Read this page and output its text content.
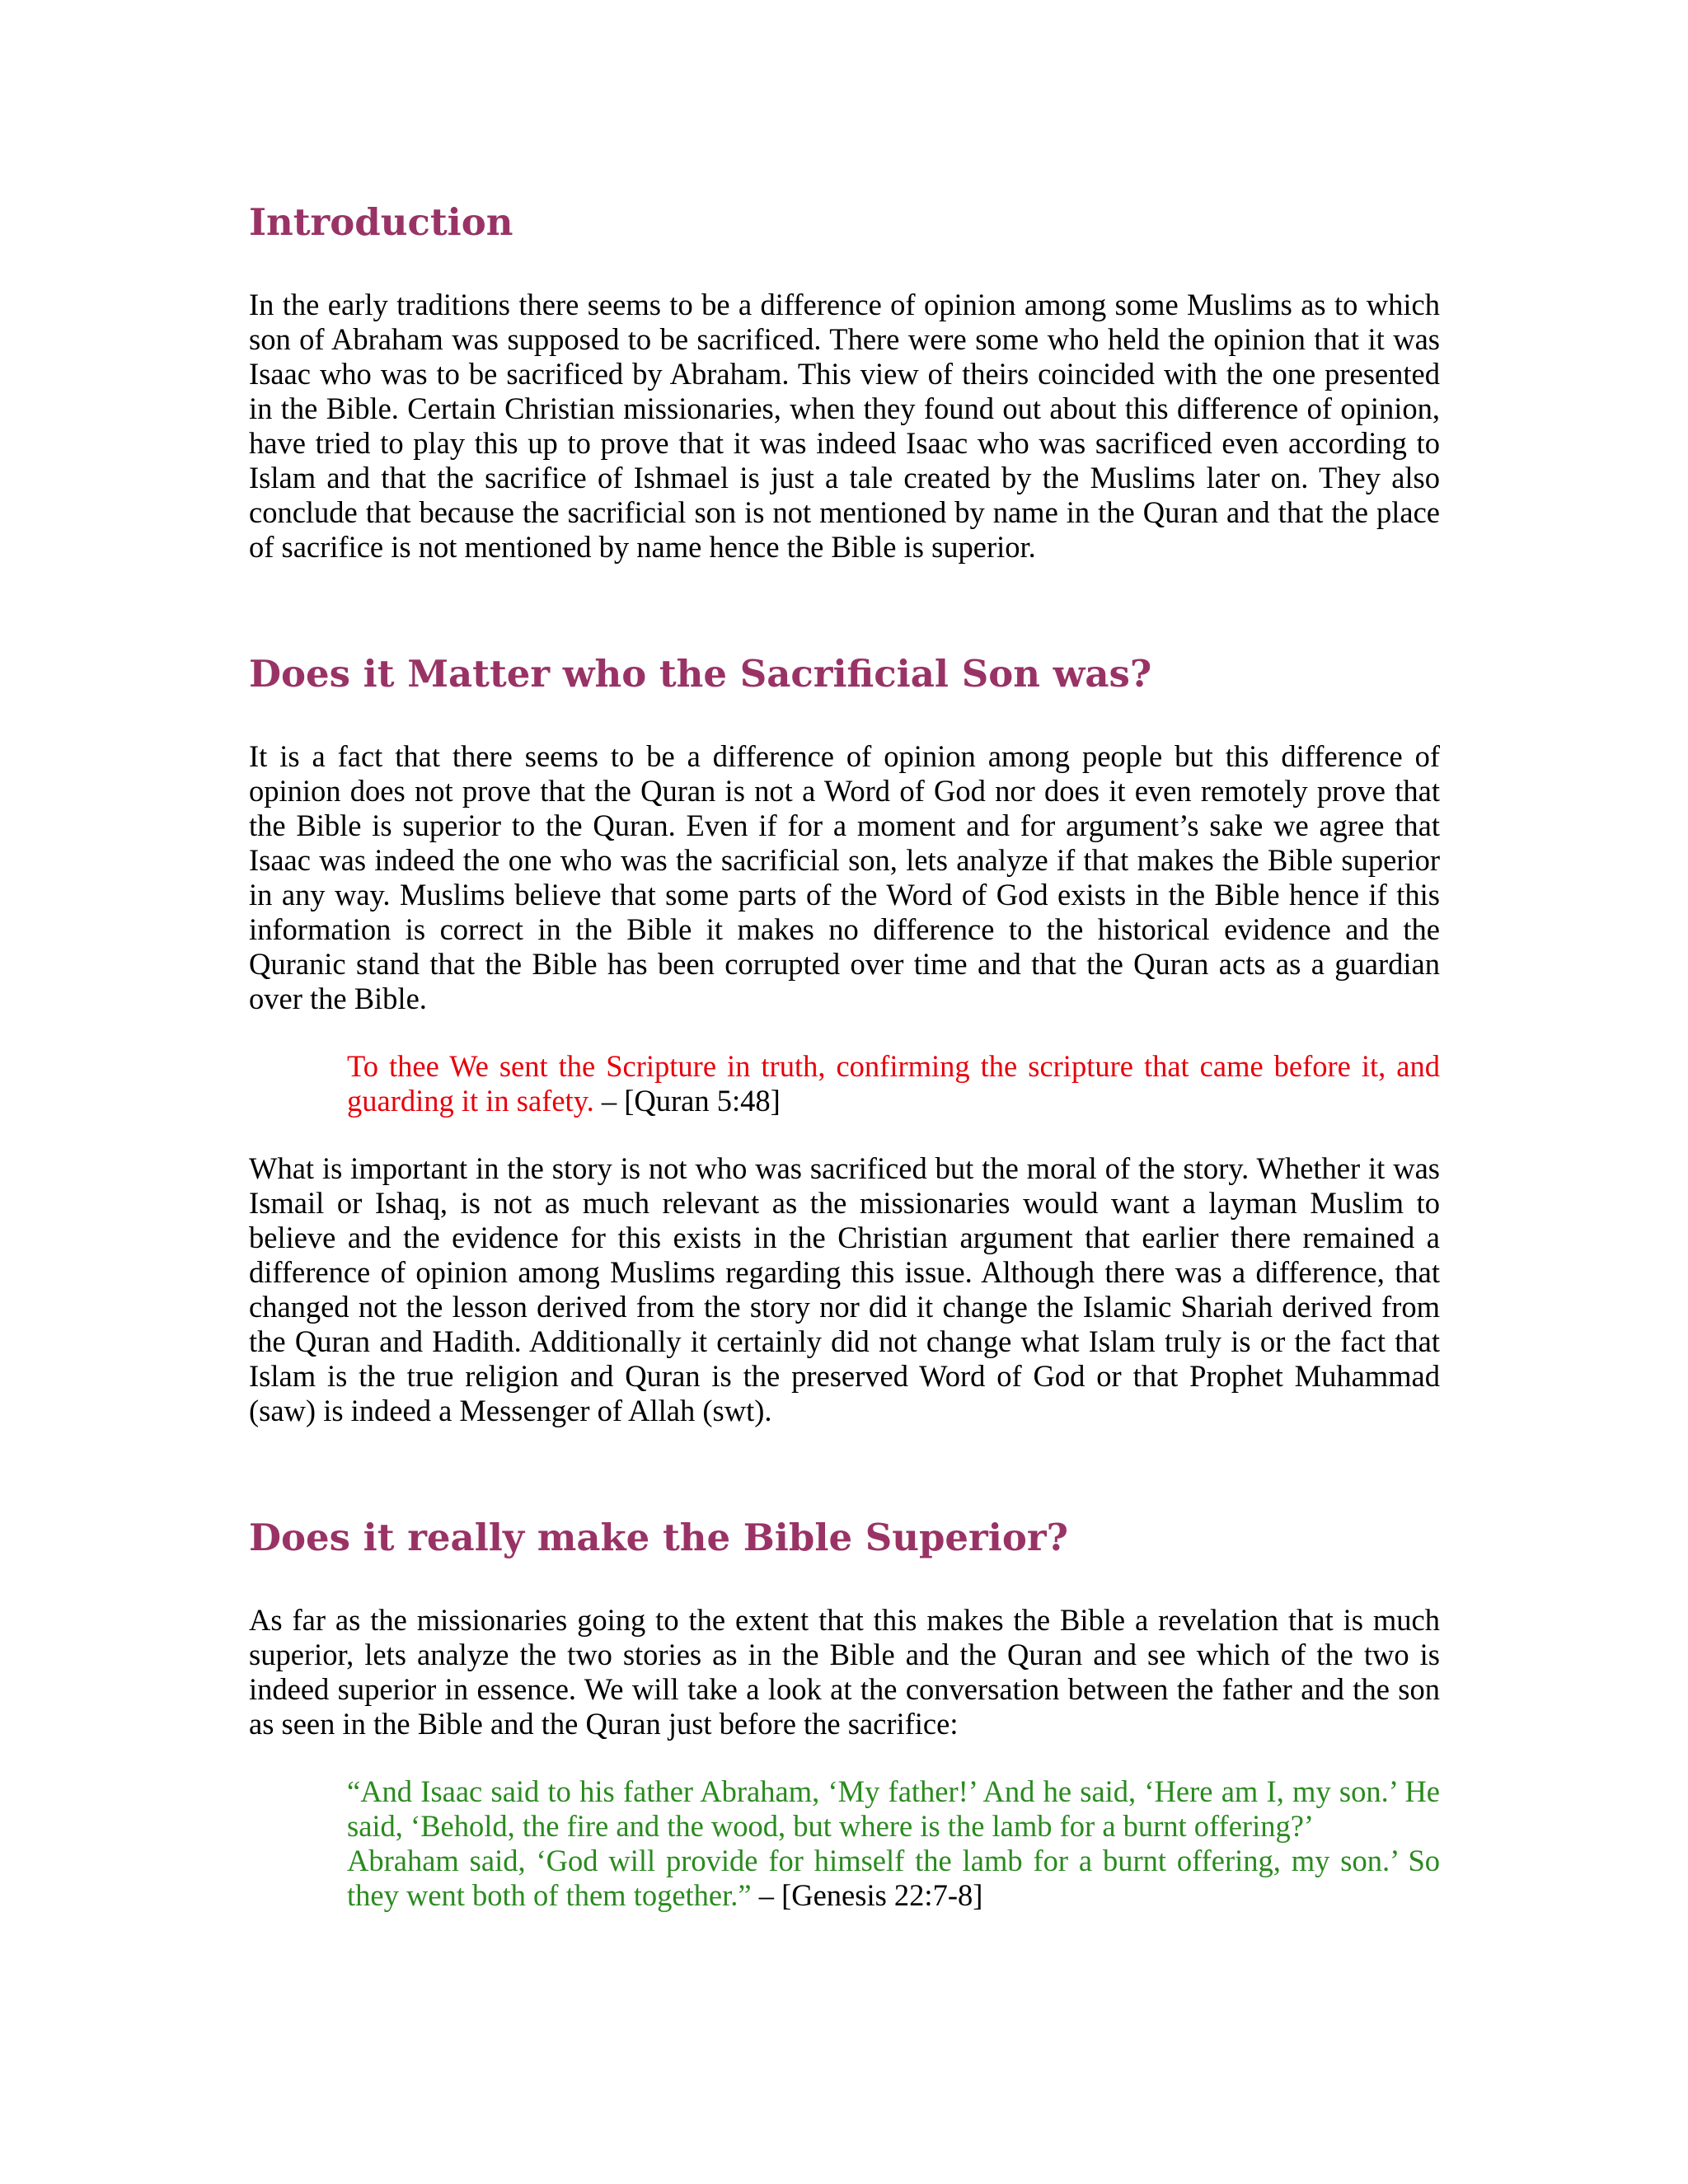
Introduction

In the early traditions there seems to be a difference of opinion among some Muslims as to which son of Abraham was supposed to be sacrificed. There were some who held the opinion that it was Isaac who was to be sacrificed by Abraham. This view of theirs coincided with the one presented in the Bible. Certain Christian missionaries, when they found out about this difference of opinion, have tried to play this up to prove that it was indeed Isaac who was sacrificed even according to Islam and that the sacrifice of Ishmael is just a tale created by the Muslims later on. They also conclude that because the sacrificial son is not mentioned by name in the Quran and that the place of sacrifice is not mentioned by name hence the Bible is superior.

Does it Matter who the Sacrificial Son was?

It is a fact that there seems to be a difference of opinion among people but this difference of opinion does not prove that the Quran is not a Word of God nor does it even remotely prove that the Bible is superior to the Quran. Even if for a moment and for argument’s sake we agree that Isaac was indeed the one who was the sacrificial son, lets analyze if that makes the Bible superior in any way. Muslims believe that some parts of the Word of God exists in the Bible hence if this information is correct in the Bible it makes no difference to the historical evidence and the Quranic stand that the Bible has been corrupted over time and that the Quran acts as a guardian over the Bible.

To thee We sent the Scripture in truth, confirming the scripture that came before it, and guarding it in safety. – [Quran 5:48]

What is important in the story is not who was sacrificed but the moral of the story. Whether it was Ismail or Ishaq, is not as much relevant as the missionaries would want a layman Muslim to believe and the evidence for this exists in the Christian argument that earlier there remained a difference of opinion among Muslims regarding this issue. Although there was a difference, that changed not the lesson derived from the story nor did it change the Islamic Shariah derived from the Quran and Hadith. Additionally it certainly did not change what Islam truly is or the fact that Islam is the true religion and Quran is the preserved Word of God or that Prophet Muhammad (saw) is indeed a Messenger of Allah (swt).

Does it really make the Bible Superior?

As far as the missionaries going to the extent that this makes the Bible a revelation that is much superior, lets analyze the two stories as in the Bible and the Quran and see which of the two is indeed superior in essence. We will take a look at the conversation between the father and the son as seen in the Bible and the Quran just before the sacrifice:

“And Isaac said to his father Abraham, ‘My father!’ And he said, ‘Here am I, my son.’ He said, ‘Behold, the fire and the wood, but where is the lamb for a burnt offering?’

Abraham said, ‘God will provide for himself the lamb for a burnt offering, my son.’ So they went both of them together.” – [Genesis 22:7-8]
